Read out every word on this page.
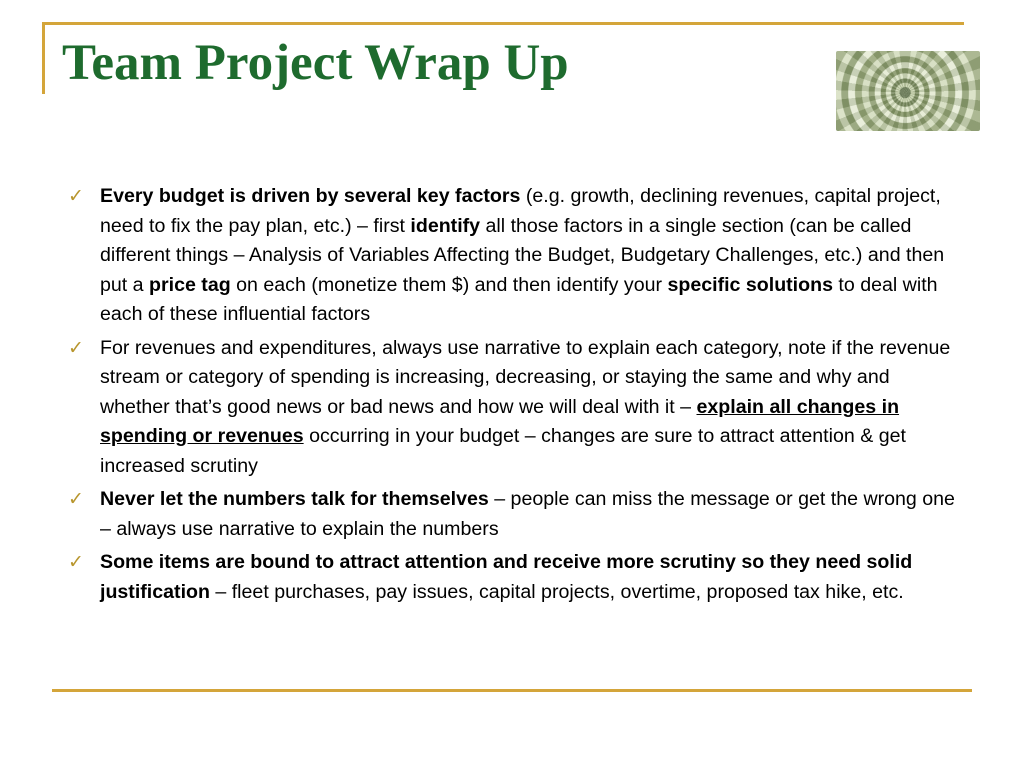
Team Project Wrap Up
✓ Every budget is driven by several key factors (e.g. growth, declining revenues, capital project, need to fix the pay plan, etc.) – first identify all those factors in a single section (can be called different things – Analysis of Variables Affecting the Budget, Budgetary Challenges, etc.) and then put a price tag on each (monetize them $) and then identify your specific solutions to deal with each of these influential factors
✓ For revenues and expenditures, always use narrative to explain each category, note if the revenue stream or category of spending is increasing, decreasing, or staying the same and why and whether that’s good news or bad news and how we will deal with it – explain all changes in spending or revenues occurring in your budget – changes are sure to attract attention & get increased scrutiny
✓ Never let the numbers talk for themselves – people can miss the message or get the wrong one – always use narrative to explain the numbers
✓ Some items are bound to attract attention and receive more scrutiny so they need solid justification – fleet purchases, pay issues, capital projects, overtime, proposed tax hike, etc.
